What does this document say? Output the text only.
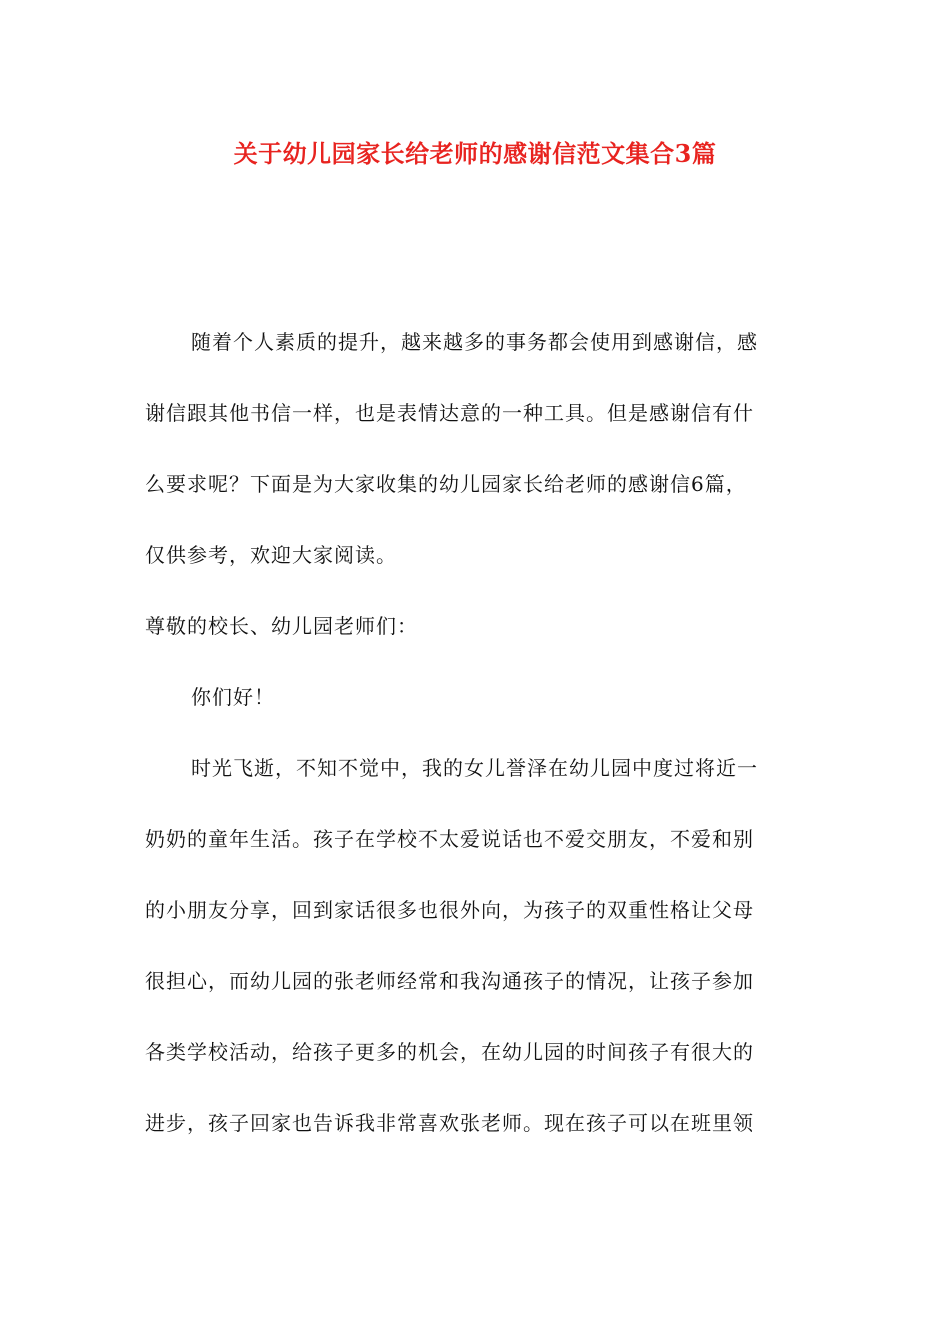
关于幼儿园家长给老师的感谢信范文集合3篇
随着个人素质的提升，越来越多的事务都会使用到感谢信，感
谢信跟其他书信一样，也是表情达意的一种工具。但是感谢信有什
么要求呢？下面是为大家收集的幼儿园家长给老师的感谢信6篇，
仅供参考，欢迎大家阅读。
尊敬的校长、幼儿园老师们：
你们好！
时光飞逝，不知不觉中，我的女儿誉泽在幼儿园中度过将近一
奶奶的童年生活。孩子在学校不太爱说话也不爱交朋友，不爱和别
的小朋友分享，回到家话很多也很外向，为孩子的双重性格让父母
很担心，而幼儿园的张老师经常和我沟通孩子的情况，让孩子参加
各类学校活动，给孩子更多的机会，在幼儿园的时间孩子有很大的
进步，孩子回家也告诉我非常喜欢张老师。现在孩子可以在班里领
